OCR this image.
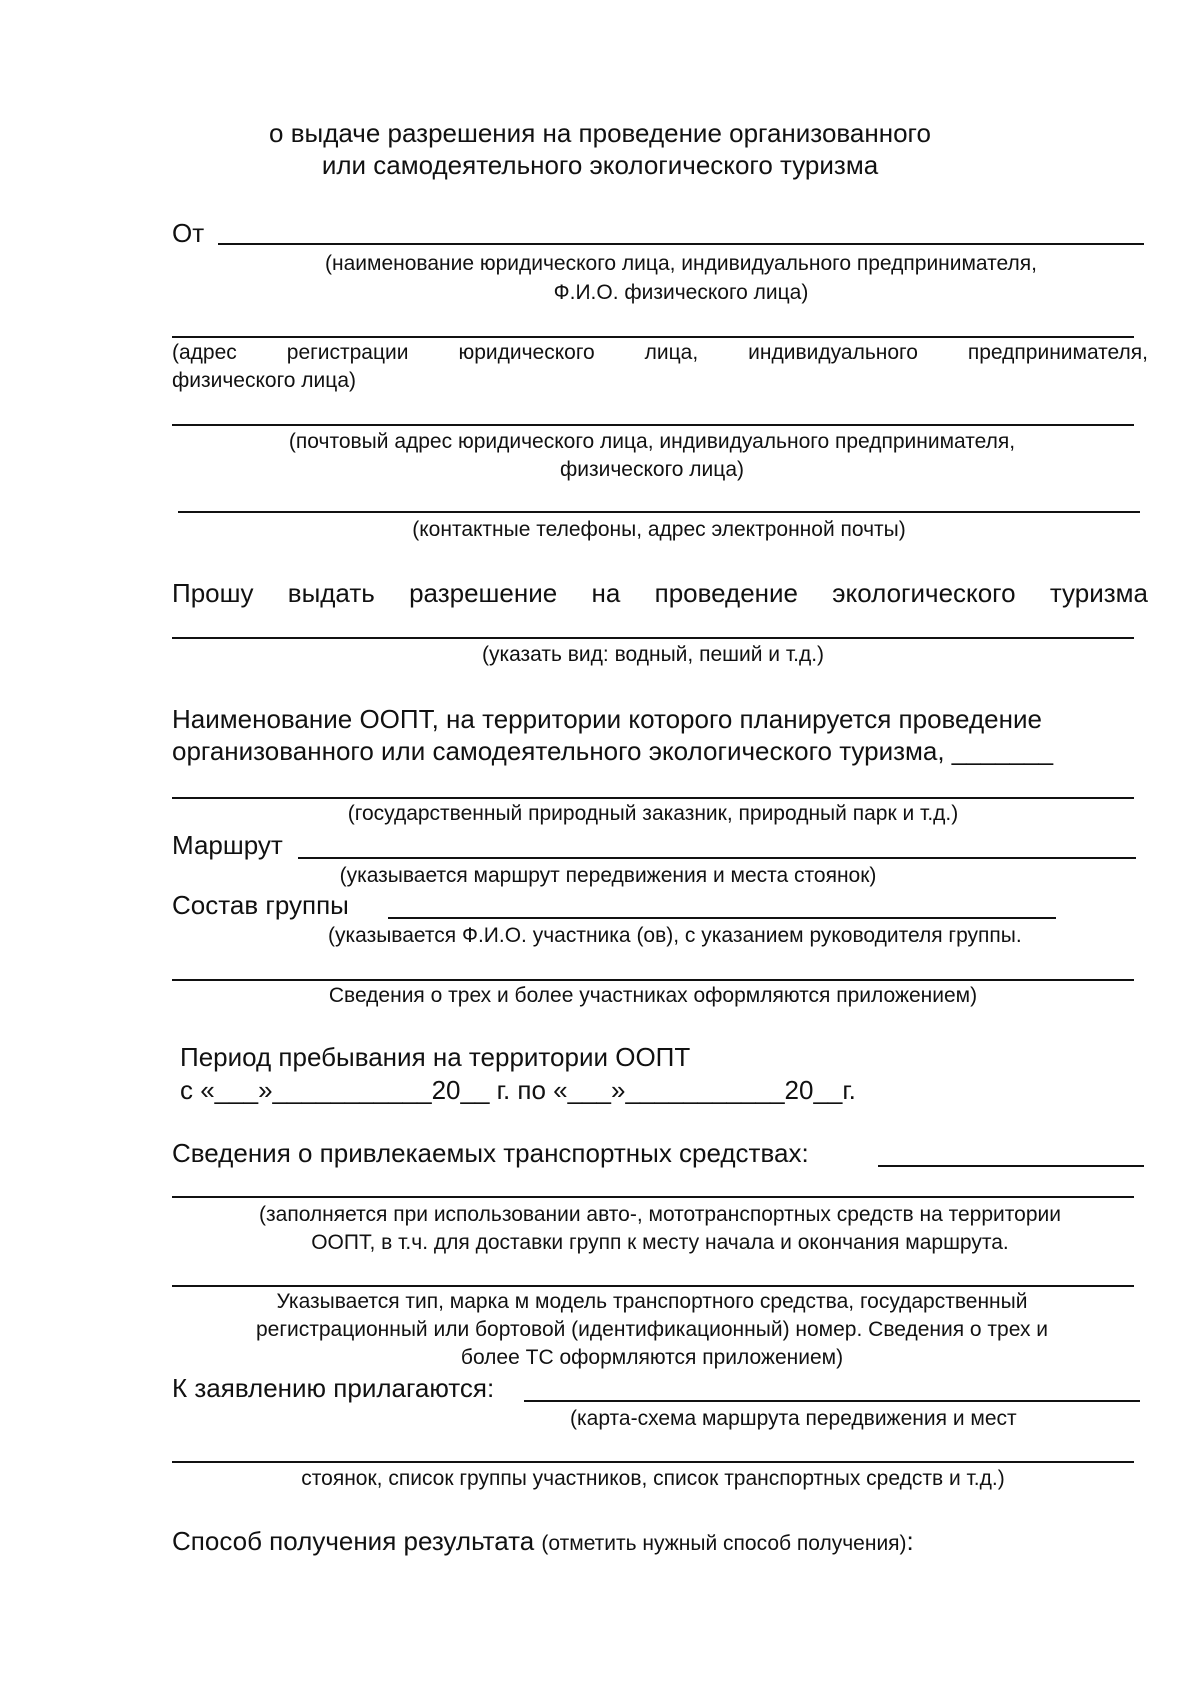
о выдаче разрешения на проведение организованного
или самодеятельного экологического туризма
От
(наименование юридического лица, индивидуального предпринимателя,
Ф.И.О. физического лица)
(адрес регистрации юридического лица, индивидуального предпринимателя,
физического лица)
(почтовый адрес юридического лица, индивидуального предпринимателя,
физического лица)
(контактные телефоны, адрес электронной почты)
Прошу выдать разрешение на проведение экологического туризма
(указать вид: водный, пеший и т.д.)
Наименование ООПТ, на территории которого планируется проведение
организованного или самодеятельного экологического туризма, _______
(государственный природный заказник, природный парк и т.д.)
Маршрут
(указывается маршрут передвижения и места стоянок)
Состав группы
(указывается Ф.И.О. участника (ов), с указанием руководителя группы.
Сведения о трех и более участниках оформляются приложением)
Период пребывания на территории ООПТ
с «___»___________20__ г. по «___»___________20__г.
Сведения о привлекаемых транспортных средствах:
(заполняется при использовании авто-, мототранспортных средств на территории
ООПТ, в т.ч. для доставки групп к месту начала и окончания маршрута.
Указывается тип, марка м модель транспортного средства, государственный
регистрационный или бортовой (идентификационный) номер. Сведения о трех и
более ТС оформляются приложением)
К заявлению прилагаются:
(карта-схема маршрута передвижения и мест
стоянок, список группы участников, список транспортных средств и т.д.)
Способ получения результата (отметить нужный способ получения):
